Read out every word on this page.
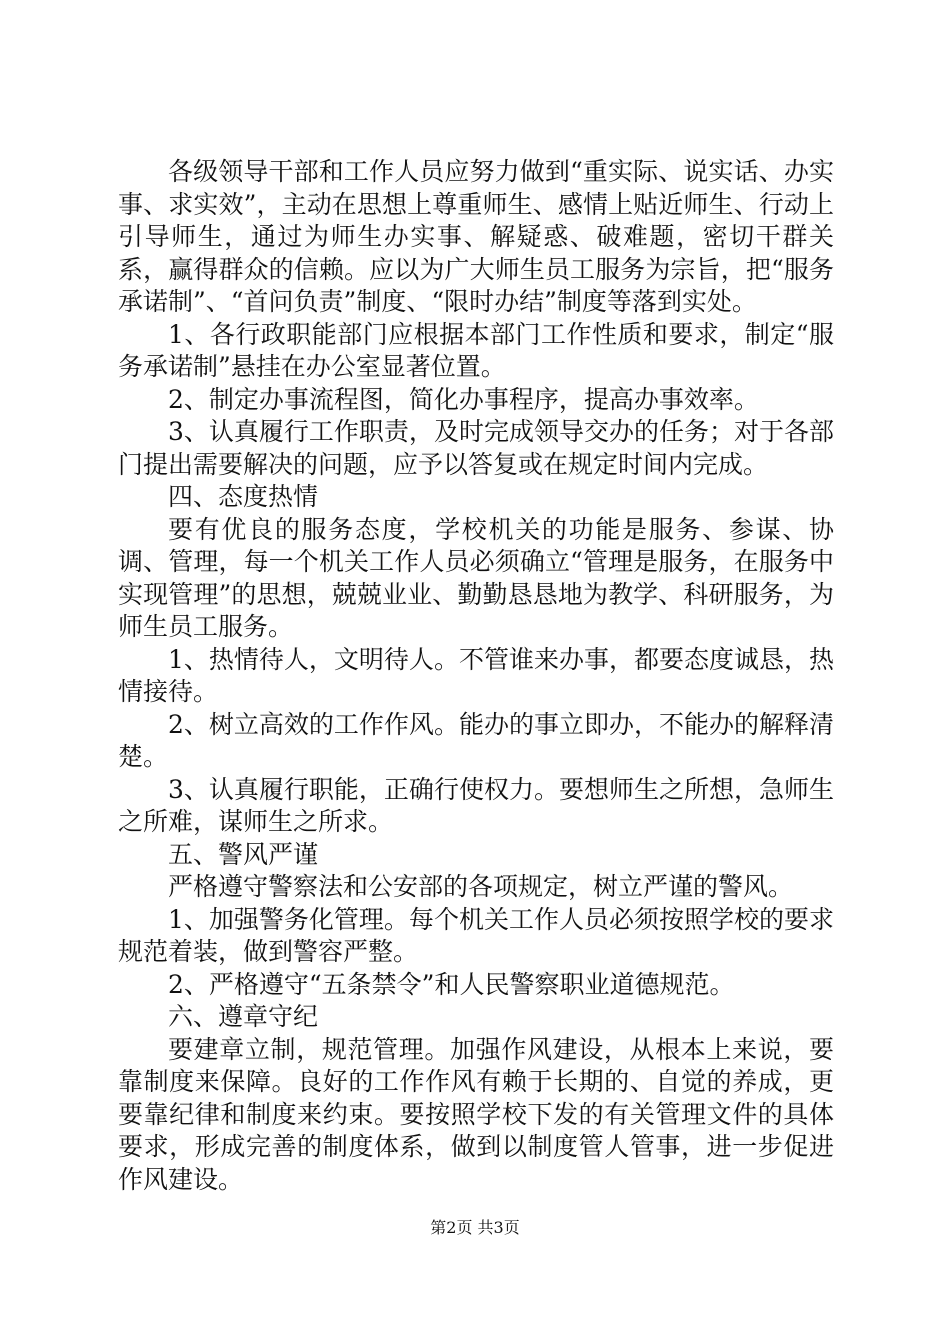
各级领导干部和工作人员应努力做到“重实际、说实话、办实事、求实效”，主动在思想上尊重师生、感情上贴近师生、行动上引导师生，通过为师生办实事、解疑惑、破难题，密切干群关系，赢得群众的信赖。应以为广大师生员工服务为宗旨，把“服务承诺制”、“首问负责”制度、“限时办结”制度等落到实处。

1、各行政职能部门应根据本部门工作性质和要求，制定“服务承诺制”悬挂在办公室显著位置。

2、制定办事流程图，简化办事程序，提高办事效率。

3、认真履行工作职责，及时完成领导交办的任务；对于各部门提出需要解决的问题，应予以答复或在规定时间内完成。

四、态度热情

要有优良的服务态度，学校机关的功能是服务、参谋、协调、管理，每一个机关工作人员必须确立“管理是服务，在服务中实现管理”的思想，兢兢业业、勤勤恳恳地为教学、科研服务，为师生员工服务。

1、热情待人，文明待人。不管谁来办事，都要态度诚恳，热情接待。

2、树立高效的工作作风。能办的事立即办，不能办的解释清楚。

3、认真履行职能，正确行使权力。要想师生之所想，急师生之所难，谋师生之所求。

五、警风严谨

严格遵守警察法和公安部的各项规定，树立严谨的警风。

1、加强警务化管理。每个机关工作人员必须按照学校的要求规范着装，做到警容严整。

2、严格遵守“五条禁令”和人民警察职业道德规范。

六、遵章守纪

要建章立制，规范管理。加强作风建设，从根本上来说，要靠制度来保障。良好的工作作风有赖于长期的、自觉的养成，更要靠纪律和制度来约束。要按照学校下发的有关管理文件的具体要求，形成完善的制度体系，做到以制度管人管事，进一步促进作风建设。

第2页 共3页
